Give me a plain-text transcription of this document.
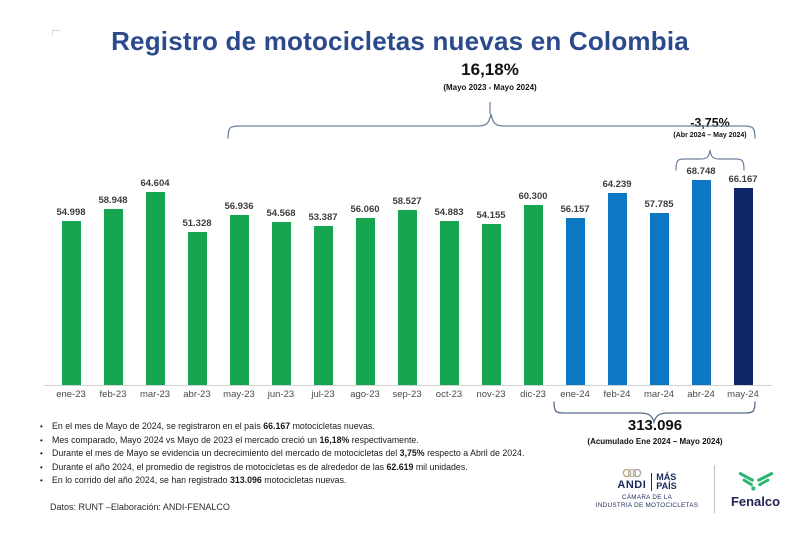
Registro de motocicletas nuevas en Colombia
16,18%
(Mayo 2023 - Mayo 2024)
-3,75%
(Abr 2024 – May 2024)
54.998
58.948
64.604
51.328
56.936
54.568 53.387
56.060
58.527
54.883 54.155
60.300
56.157
64.239
57.785
68.748
66.167
ene-23	feb-23	mar-23	abr-23	may-23	jun-23	jul-23	ago-23	sep-23	oct-23	nov-23	dic-23	ene-24	feb-24	mar-24	abr-24	may-24
313.096
(Acumulado Ene 2024 – Mayo 2024)
•	En el mes de Mayo de 2024, se registraron en el país 66.167 motocicletas nuevas.
•	Mes comparado, Mayo 2024 vs Mayo de 2023 el mercado creció un 16,18% respectivamente.
•	Durante el mes de Mayo se evidencia un decrecimiento del mercado de motocicletas del 3,75% respecto a Abril de 2024.
•	Durante el año 2024, el promedio de registros de motocicletas es de alrededor de las 62.619 mil unidades.
•	En lo corrido del año 2024, se han registrado 313.096 motocicletas nuevas.
Datos: RUNT –Elaboración: ANDI-FENALCO
ANDI
MÁS
PAÍS
CÁMARA DE LA
INDUSTRIA DE MOTOCICLETAS	Fenalco
